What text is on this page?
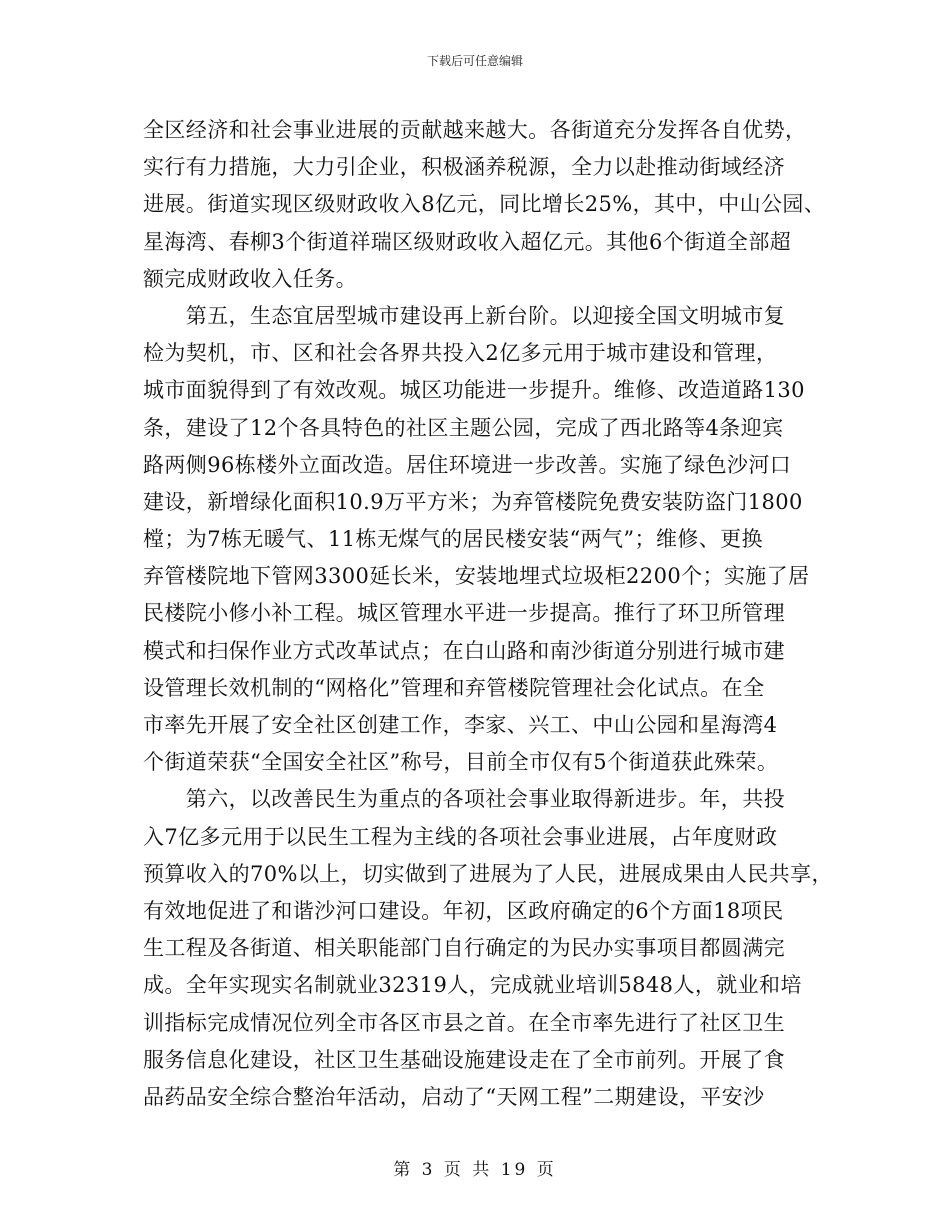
下载后可任意编辑
全区经济和社会事业进展的贡献越来越大。各街道充分发挥各自优势，
实行有力措施，大力引企业，积极涵养税源，全力以赴推动街域经济
进展。街道实现区级财政收入8亿元，同比增长25%，其中，中山公园、
星海湾、春柳3个街道祥瑞区级财政收入超亿元。其他6个街道全部超
额完成财政收入任务。
　　第五，生态宜居型城市建设再上新台阶。以迎接全国文明城市复
检为契机，市、区和社会各界共投入2亿多元用于城市建设和管理，
城市面貌得到了有效改观。城区功能进一步提升。维修、改造道路130
条，建设了12个各具特色的社区主题公园，完成了西北路等4条迎宾
路两侧96栋楼外立面改造。居住环境进一步改善。实施了绿色沙河口
建设，新增绿化面积10.9万平方米；为弃管楼院免费安装防盗门1800
樘；为7栋无暖气、11栋无煤气的居民楼安装“两气”；维修、更换
弃管楼院地下管网3300延长米，安装地埋式垃圾柜2200个；实施了居
民楼院小修小补工程。城区管理水平进一步提高。推行了环卫所管理
模式和扫保作业方式改革试点；在白山路和南沙街道分别进行城市建
设管理长效机制的“网格化”管理和弃管楼院管理社会化试点。在全
市率先开展了安全社区创建工作，李家、兴工、中山公园和星海湾4
个街道荣获“全国安全社区”称号，目前全市仅有5个街道获此殊荣。
　　第六，以改善民生为重点的各项社会事业取得新进步。年，共投
入7亿多元用于以民生工程为主线的各项社会事业进展，占年度财政
预算收入的70%以上，切实做到了进展为了人民，进展成果由人民共享，
有效地促进了和谐沙河口建设。年初，区政府确定的6个方面18项民
生工程及各街道、相关职能部门自行确定的为民办实事项目都圆满完
成。全年实现实名制就业32319人，完成就业培训5848人，就业和培
训指标完成情况位列全市各区市县之首。在全市率先进行了社区卫生
服务信息化建设，社区卫生基础设施建设走在了全市前列。开展了食
品药品安全综合整治年活动，启动了“天网工程”二期建设，平安沙
第 3 页 共 19 页
